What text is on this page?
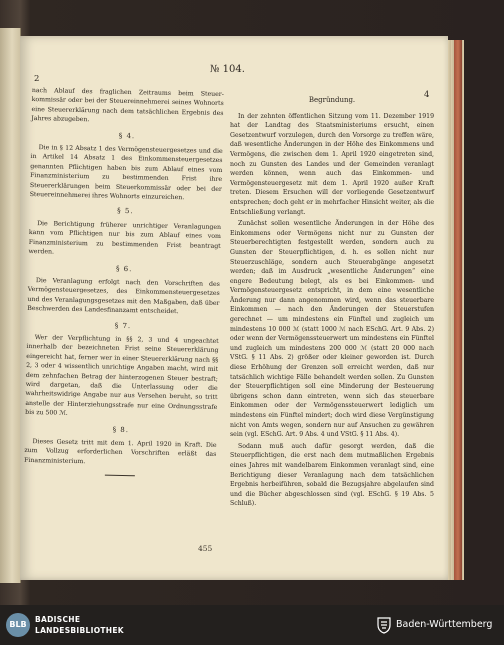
2
№ 104.
4

nach Ablauf des fraglichen Zeitraums beim Steuerkommissär oder bei der Steuereinnehmerei seines Wohnorts eine Steuererklärung nach dem tatsächlichen Ergebnis des Jahres abzugeben.

§ 4.

Die in § 12 Absatz 1 des Vermögensteuergesetzes und die in Artikel 14 Absatz 1 des Einkommensteuergesetzes genannten Pflichtigen haben bis zum Ablauf eines vom Finanzministerium zu bestimmenden Frist ihre Steuererklärungen beim Steuerkommissär oder bei der Steuereinnehmerei ihres Wohnorts einzureichen.

§ 5.

Die Berichtigung früherer unrichtiger Veranlagungen kann vom Pflichtigen nur bis zum Ablauf eines vom Finanzministerium zu bestimmenden Frist beantragt werden.

§ 6.

Die Veranlagung erfolgt nach den Vorschriften des Vermögensteuergesetzes, des Einkommensteuergesetzes und des Veranlagungsgesetzes mit den Maßgaben, daß über Beschwerden des Landesfinanzamt entscheidet.

§ 7.

Wer der Verpflichtung in §§ 2, 3 und 4 ungeachtet innerhalb der bezeichneten Frist seine Steuererklärung eingereicht hat, ferner wer in einer Steuererklärung nach §§ 2, 3 oder 4 wissentlich unrichtige Angaben macht, wird mit dem zehnfachen Betrag der hinterzogenen Steuer bestraft; wird dargetan, daß die Unterlassung oder die wahrheitswidrige Angabe nur aus Versehen beruht, so tritt anstelle der Hinterziehungsstrafe nur eine Ordnungsstrafe bis zu 500 ℳ.

§ 8.

Dieses Gesetz tritt mit dem 1. April 1920 in Kraft. Die zum Vollzug erforderlichen Vorschriften erläßt das Finanzministerium.

Begründung.

In der zehnten öffentlichen Sitzung vom 11. Dezember 1919 hat der Landtag des Staatsministeriums ersucht, einen Gesetzentwurf vorzulegen, durch den Vorsorge zu treffen wäre, daß wesentliche Änderungen in der Höhe des Einkommens und Vermögens, die zwischen dem 1. April 1920 eingetreten sind, noch zu Gunsten des Landes und der Gemeinden veranlagt werden können, wenn auch das Einkommen- und Vermögensteuergesetz mit dem 1. April 1920 außer Kraft treten. Diesem Ersuchen will der vorliegende Gesetzentwurf entsprechen; doch geht er in mehrfacher Hinsicht weiter, als die Entschließung verlangt.

Zunächst sollen wesentliche Änderungen in der Höhe des Einkommens oder Vermögens nicht nur zu Gunsten der Steuerberechtigten festgestellt werden, sondern auch zu Gunsten der Steuerpflichtigen, d. h. es sollen nicht nur Steuerzuschläge, sondern auch Steuerabgänge angesetzt werden; daß im Ausdruck „wesentliche Änderungen“ eine engere Bedeutung belegt, als es bei Einkommen- und Vermögensteuergesetz entspricht, in dem eine wesentliche Änderung nur dann angenommen wird, wenn das steuerbare Einkommen — nach den Änderungen der Steuerstufen gerechnet — um mindestens ein Fünftel und zugleich um mindestens 10 000 ℳ (statt 1000 ℳ nach ESchG. Art. 9 Abs. 2) oder wenn der Vermögenssteuerwert um mindestens ein Fünftel und zugleich um mindestens 200 000 ℳ (statt 20 000 nach VStG. § 11 Abs. 2) größer oder kleiner geworden ist. Durch diese Erhöhung der Grenzen soll erreicht werden, daß nur tatsächlich wichtige Fälle behandelt werden sollen. Zu Gunsten der Steuerpflichtigen soll eine Minderung der Besteuerung übrigens schon dann eintreten, wenn sich das steuerbare Einkommen oder der Vermögenssteuerwert lediglich um mindestens ein Fünftel mindert; doch wird diese Vergünstigung nicht von Amts wegen, sondern nur auf Ansuchen zu gewähren sein (vgl. ESchG. Art. 9 Abs. 4 und VStG. § 11 Abs. 4).

Sodann muß auch dafür gesorgt werden, daß die Steuerpflichtigen, die erst nach dem mutmaßlichen Ergebnis eines Jahres mit wandelbarem Einkommen veranlagt sind, eine Berichtigung dieser Veranlagung nach dem tatsächlichen Ergebnis herbeiführen, sobald die Bezugsjahre abgelaufen sind und die Bücher abgeschlossen sind (vgl. ESchG. § 19 Abs. 5 Schluß).

455
BLB
BADISCHE
LANDESBIBLIOTHEK
Baden-Württemberg
